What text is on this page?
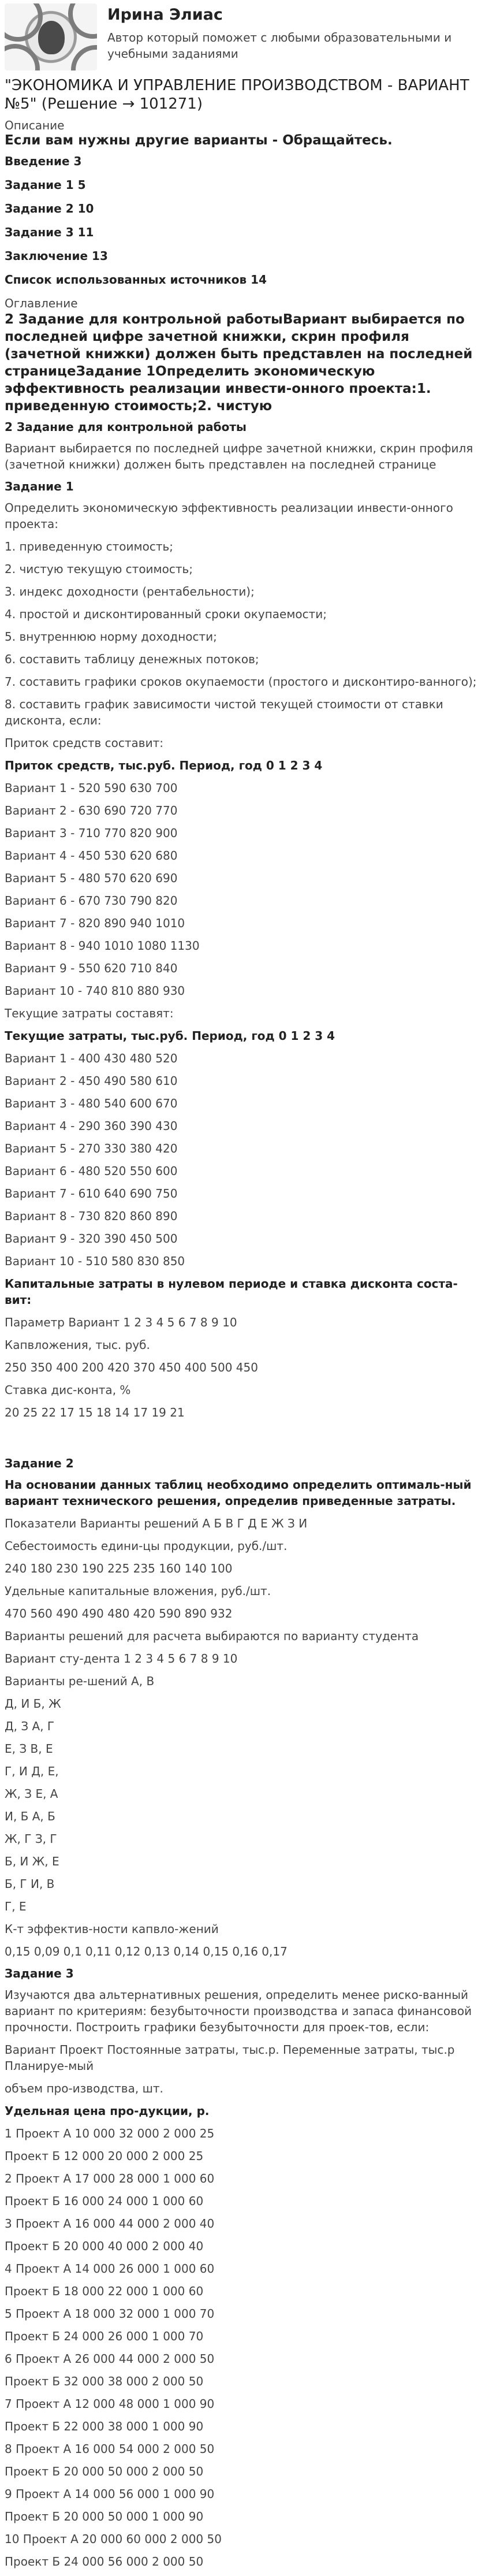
Ирина Элиас
Автор который поможет с любыми образовательными и учебными заданиями
"ЭКОНОМИКА И УПРАВЛЕНИЕ ПРОИЗВОДСТВОМ - ВАРИАНТ №5" (Решение → 101271)
Описание
Если вам нужны другие варианты - Обращайтесь.
Введение 3
Задание 1 5
Задание 2 10
Задание 3 11
Заключение 13
Список использованных источников 14
Оглавление
2 Задание для контрольной работыВариант выбирается по последней цифре зачетной книжки, скрин профиля (зачетной книжки) должен быть представлен на последней страницеЗадание 1Определить экономическую эффективность реализации инвести-онного проекта:1. приведенную стоимость;2. чистую
2 Задание для контрольной работы
Вариант выбирается по последней цифре зачетной книжки, скрин профиля (зачетной книжки) должен быть представлен на последней странице
Задание 1
Определить экономическую эффективность реализации инвести-онного проекта:
1. приведенную стоимость;
2. чистую текущую стоимость;
3. индекс доходности (рентабельности);
4. простой и дисконтированный сроки окупаемости;
5. внутреннюю норму доходности;
6. составить таблицу денежных потоков;
7. составить графики сроков окупаемости (простого и дисконтиро-ванного);
8. составить график зависимости чистой текущей стоимости от ставки дисконта, если:
Приток средств составит:
Приток средств, тыс.руб. Период, год 0 1 2 3 4
Вариант 1 - 520 590 630 700
Вариант 2 - 630 690 720 770
Вариант 3 - 710 770 820 900
Вариант 4 - 450 530 620 680
Вариант 5 - 480 570 620 690
Вариант 6 - 670 730 790 820
Вариант 7 - 820 890 940 1010
Вариант 8 - 940 1010 1080 1130
Вариант 9 - 550 620 710 840
Вариант 10 - 740 810 880 930
Текущие затраты составят:
Текущие затраты, тыс.руб. Период, год 0 1 2 3 4
Вариант 1 - 400 430 480 520
Вариант 2 - 450 490 580 610
Вариант 3 - 480 540 600 670
Вариант 4 - 290 360 390 430
Вариант 5 - 270 330 380 420
Вариант 6 - 480 520 550 600
Вариант 7 - 610 640 690 750
Вариант 8 - 730 820 860 890
Вариант 9 - 320 390 450 500
Вариант 10 - 510 580 830 850
Капитальные затраты в нулевом периоде и ставка дисконта соста-вит:
Параметр Вариант 1 2 3 4 5 6 7 8 9 10
Капвложения, тыс. руб.
250 350 400 200 420 370 450 400 500 450
Ставка дис-конта, %
20 25 22 17 15 18 14 17 19 21
Задание 2
На основании данных таблиц необходимо определить оптималь-ный вариант технического решения, определив приведенные затраты.
Показатели Варианты решений А Б В Г Д Е Ж З И
Себестоимость едини-цы продукции, руб./шт.
240 180 230 190 225 235 160 140 100
Удельные капитальные вложения, руб./шт.
470 560 490 490 480 420 590 890 932
Варианты решений для расчета выбираются по варианту студента
Вариант сту-дента 1 2 3 4 5 6 7 8 9 10
Варианты ре-шений А, В
Д, И Б, Ж
Д, З А, Г
Е, З В, Е
Г, И Д, Е,
Ж, З Е, А
И, Б А, Б
Ж, Г З, Г
Б, И Ж, Е
Б, Г И, В
Г, Е
К-т эффектив-ности капвло-жений
0,15 0,09 0,1 0,11 0,12 0,13 0,14 0,15 0,16 0,17
Задание 3
Изучаются два альтернативных решения, определить менее риско-ванный вариант по критериям: безубыточности производства и запаса финансовой прочности. Построить графики безубыточности для проек-тов, если:
Вариант Проект Постоянные затраты, тыс.р. Переменные затраты, тыс.р Планируе-мый
объем про-изводства, шт.
Удельная цена про-дукции, р.
1 Проект А 10 000 32 000 2 000 25
Проект Б 12 000 20 000 2 000 25
2 Проект А 17 000 28 000 1 000 60
Проект Б 16 000 24 000 1 000 60
3 Проект А 16 000 44 000 2 000 40
Проект Б 20 000 40 000 2 000 40
4 Проект А 14 000 26 000 1 000 60
Проект Б 18 000 22 000 1 000 60
5 Проект А 18 000 32 000 1 000 70
Проект Б 24 000 26 000 1 000 70
6 Проект А 26 000 44 000 2 000 50
Проект Б 32 000 38 000 2 000 50
7 Проект А 12 000 48 000 1 000 90
Проект Б 22 000 38 000 1 000 90
8 Проект А 16 000 54 000 2 000 50
Проект Б 20 000 50 000 2 000 50
9 Проект А 14 000 56 000 1 000 90
Проект Б 20 000 50 000 1 000 90
10 Проект А 20 000 60 000 2 000 50
Проект Б 24 000 56 000 2 000 50
